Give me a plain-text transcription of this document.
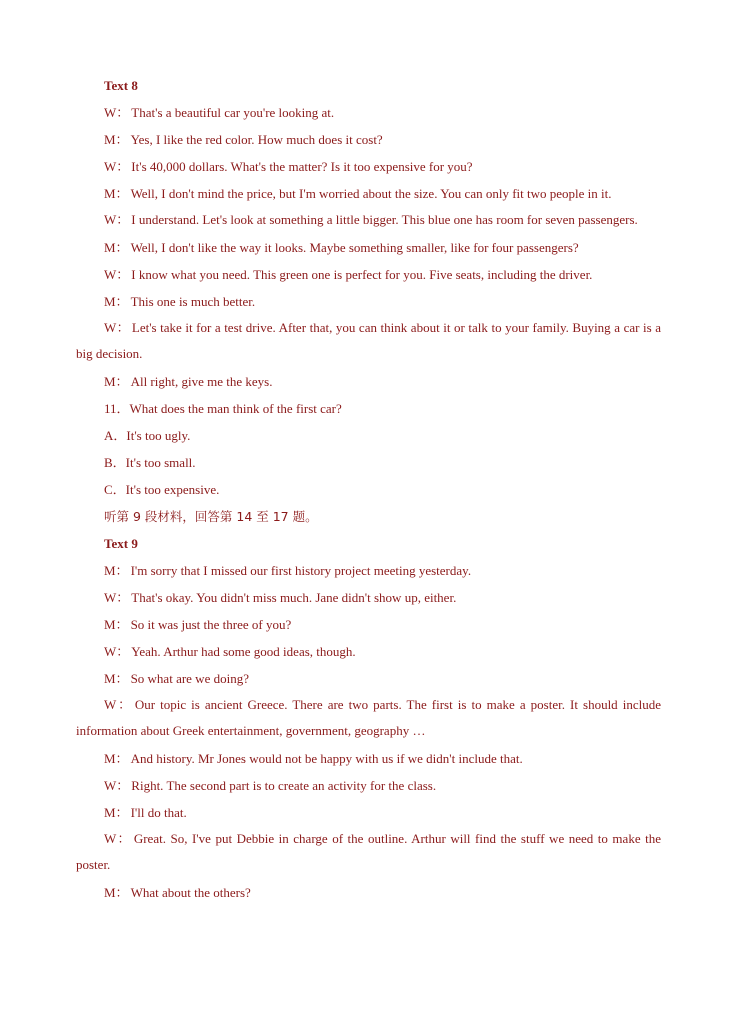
Text 8

W： That's a beautiful car you're looking at.

M： Yes, I like the red color. How much does it cost?

W： It's 40,000 dollars. What's the matter? Is it too expensive for you?

M： Well, I don't mind the price, but I'm worried about the size. You can only fit two people in it.

W： I understand. Let's look at something a little bigger. This blue one has room for seven passengers.

M： Well, I don't like the way it looks. Maybe something smaller, like for four passengers?

W： I know what you need. This green one is perfect for you. Five seats, including the driver.

M： This one is much better.

W： Let's take it for a test drive. After that, you can think about it or talk to your family. Buying a car is a big decision.

M： All right, give me the keys.

11．What does the man think of the first car?

A．It's too ugly.

B．It's too small.

C．It's too expensive.

听第 9 段材料，回答第 14 至 17 题。

Text 9

M： I'm sorry that I missed our first history project meeting yesterday.

W： That's okay. You didn't miss much. Jane didn't show up, either.

M： So it was just the three of you?

W： Yeah. Arthur had some good ideas, though.

M： So what are we doing?

W： Our topic is ancient Greece. There are two parts. The first is to make a poster. It should include information about Greek entertainment, government, geography …

M： And history. Mr Jones would not be happy with us if we didn't include that.

W： Right. The second part is to create an activity for the class.

M： I'll do that.

W： Great. So, I've put Debbie in charge of the outline. Arthur will find the stuff we need to make the poster.

M： What about the others?
